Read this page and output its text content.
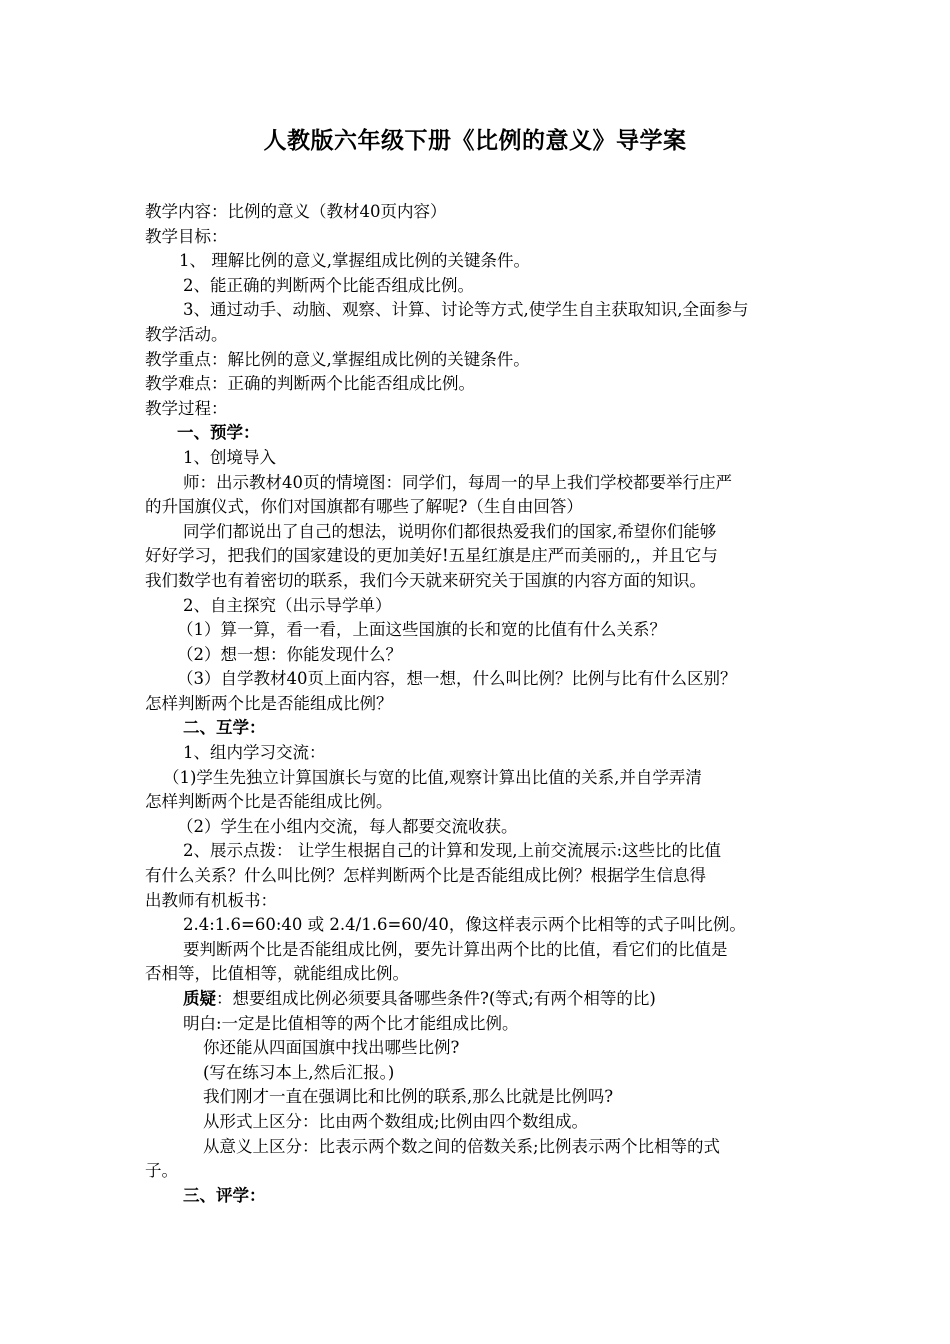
人教版六年级下册《比例的意义》导学案

教学内容：比例的意义（教材40页内容）

教学目标：

1、 理解比例的意义,掌握组成比例的关键条件。

2、能正确的判断两个比能否组成比例。

3、通过动手、动脑、观察、计算、讨论等方式,使学生自主获取知识,全面参与

教学活动。

教学重点：解比例的意义,掌握组成比例的关键条件。

教学难点：正确的判断两个比能否组成比例。

教学过程：

一、预学：

1、创境导入

师：出示教材40页的情境图：同学们，每周一的早上我们学校都要举行庄严

的升国旗仪式，你们对国旗都有哪些了解呢?（生自由回答）

同学们都说出了自己的想法，说明你们都很热爱我们的国家,希望你们能够

好好学习，把我们的国家建设的更加美好!五星红旗是庄严而美丽的,，并且它与

我们数学也有着密切的联系，我们今天就来研究关于国旗的内容方面的知识。

2、自主探究（出示导学单）

（1）算一算，看一看，上面这些国旗的长和宽的比值有什么关系？

（2）想一想：你能发现什么？

（3）自学教材40页上面内容，想一想，什么叫比例？比例与比有什么区别？

怎样判断两个比是否能组成比例？

二、互学：

1、组内学习交流：

（1)学生先独立计算国旗长与宽的比值,观察计算出比值的关系,并自学弄清

怎样判断两个比是否能组成比例。

（2）学生在小组内交流，每人都要交流收获。

2、展示点拨： 让学生根据自己的计算和发现,上前交流展示:这些比的比值

有什么关系？什么叫比例？怎样判断两个比是否能组成比例？根据学生信息得

出教师有机板书：

2.4:1.6=60:40 或 2.4/1.6=60/40，像这样表示两个比相等的式子叫比例。

要判断两个比是否能组成比例，要先计算出两个比的比值，看它们的比值是

否相等，比值相等，就能组成比例。

质疑：想要组成比例必须要具备哪些条件?(等式;有两个相等的比)

明白:一定是比值相等的两个比才能组成比例。

你还能从四面国旗中找出哪些比例?

(写在练习本上,然后汇报。)

我们刚才一直在强调比和比例的联系,那么比就是比例吗?

从形式上区分：比由两个数组成;比例由四个数组成。

从意义上区分：比表示两个数之间的倍数关系;比例表示两个比相等的式

子。

三、评学：
